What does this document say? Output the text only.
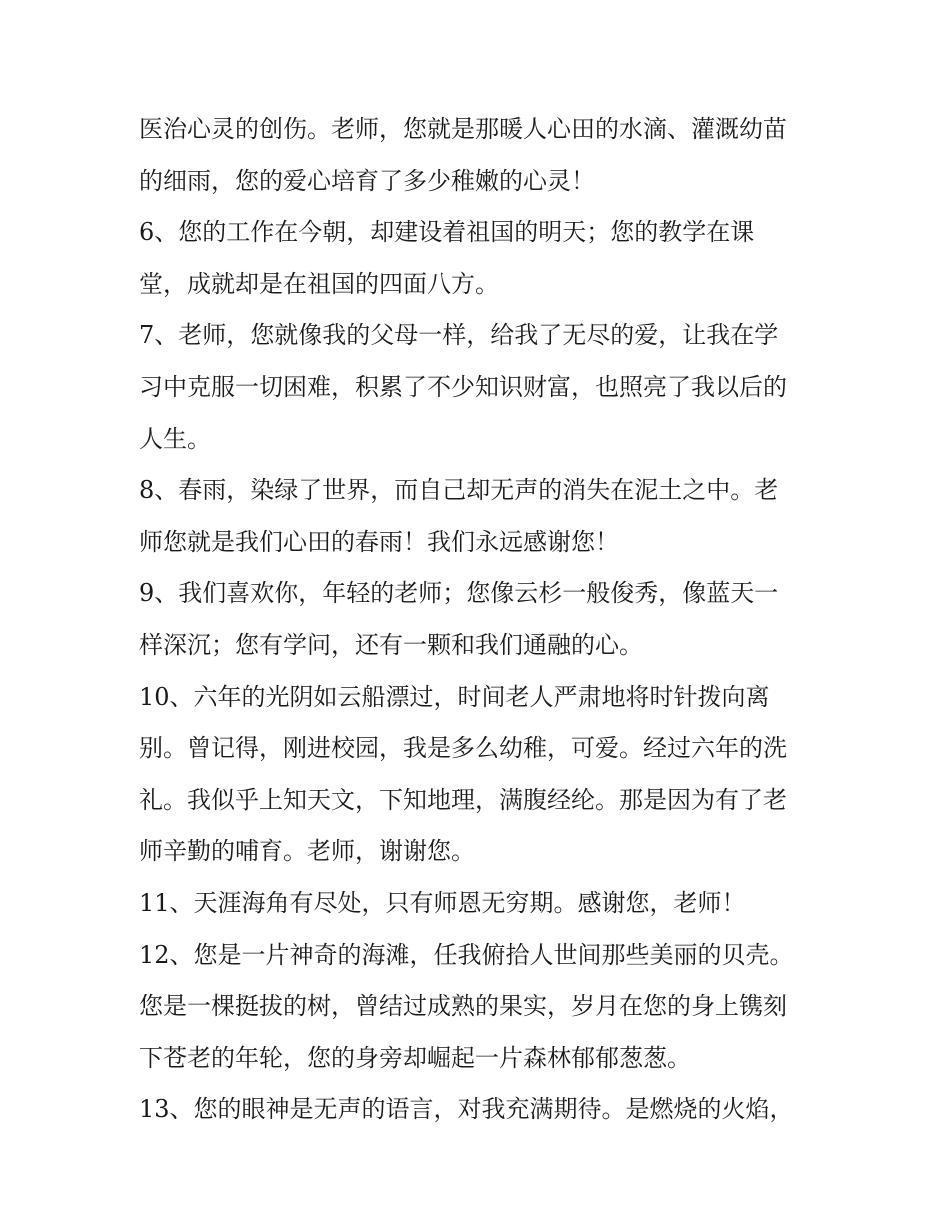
医治心灵的创伤。老师，您就是那暖人心田的水滴、灌溉幼苗
的细雨，您的爱心培育了多少稚嫩的心灵！
6、您的工作在今朝，却建设着祖国的明天；您的教学在课
堂，成就却是在祖国的四面八方。
7、老师，您就像我的父母一样，给我了无尽的爱，让我在学
习中克服一切困难，积累了不少知识财富，也照亮了我以后的
人生。
8、春雨，染绿了世界，而自己却无声的消失在泥土之中。老
师您就是我们心田的春雨！我们永远感谢您！
9、我们喜欢你，年轻的老师；您像云杉一般俊秀，像蓝天一
样深沉；您有学问，还有一颗和我们通融的心。
10、六年的光阴如云船漂过，时间老人严肃地将时针拨向离
别。曾记得，刚进校园，我是多么幼稚，可爱。经过六年的洗
礼。我似乎上知天文，下知地理，满腹经纶。那是因为有了老
师辛勤的哺育。老师，谢谢您。
11、天涯海角有尽处，只有师恩无穷期。感谢您，老师！
12、您是一片神奇的海滩，任我俯拾人世间那些美丽的贝壳。
您是一棵挺拔的树，曾结过成熟的果实，岁月在您的身上镌刻
下苍老的年轮，您的身旁却崛起一片森林郁郁葱葱。
13、您的眼神是无声的语言，对我充满期待。是燃烧的火焰，
